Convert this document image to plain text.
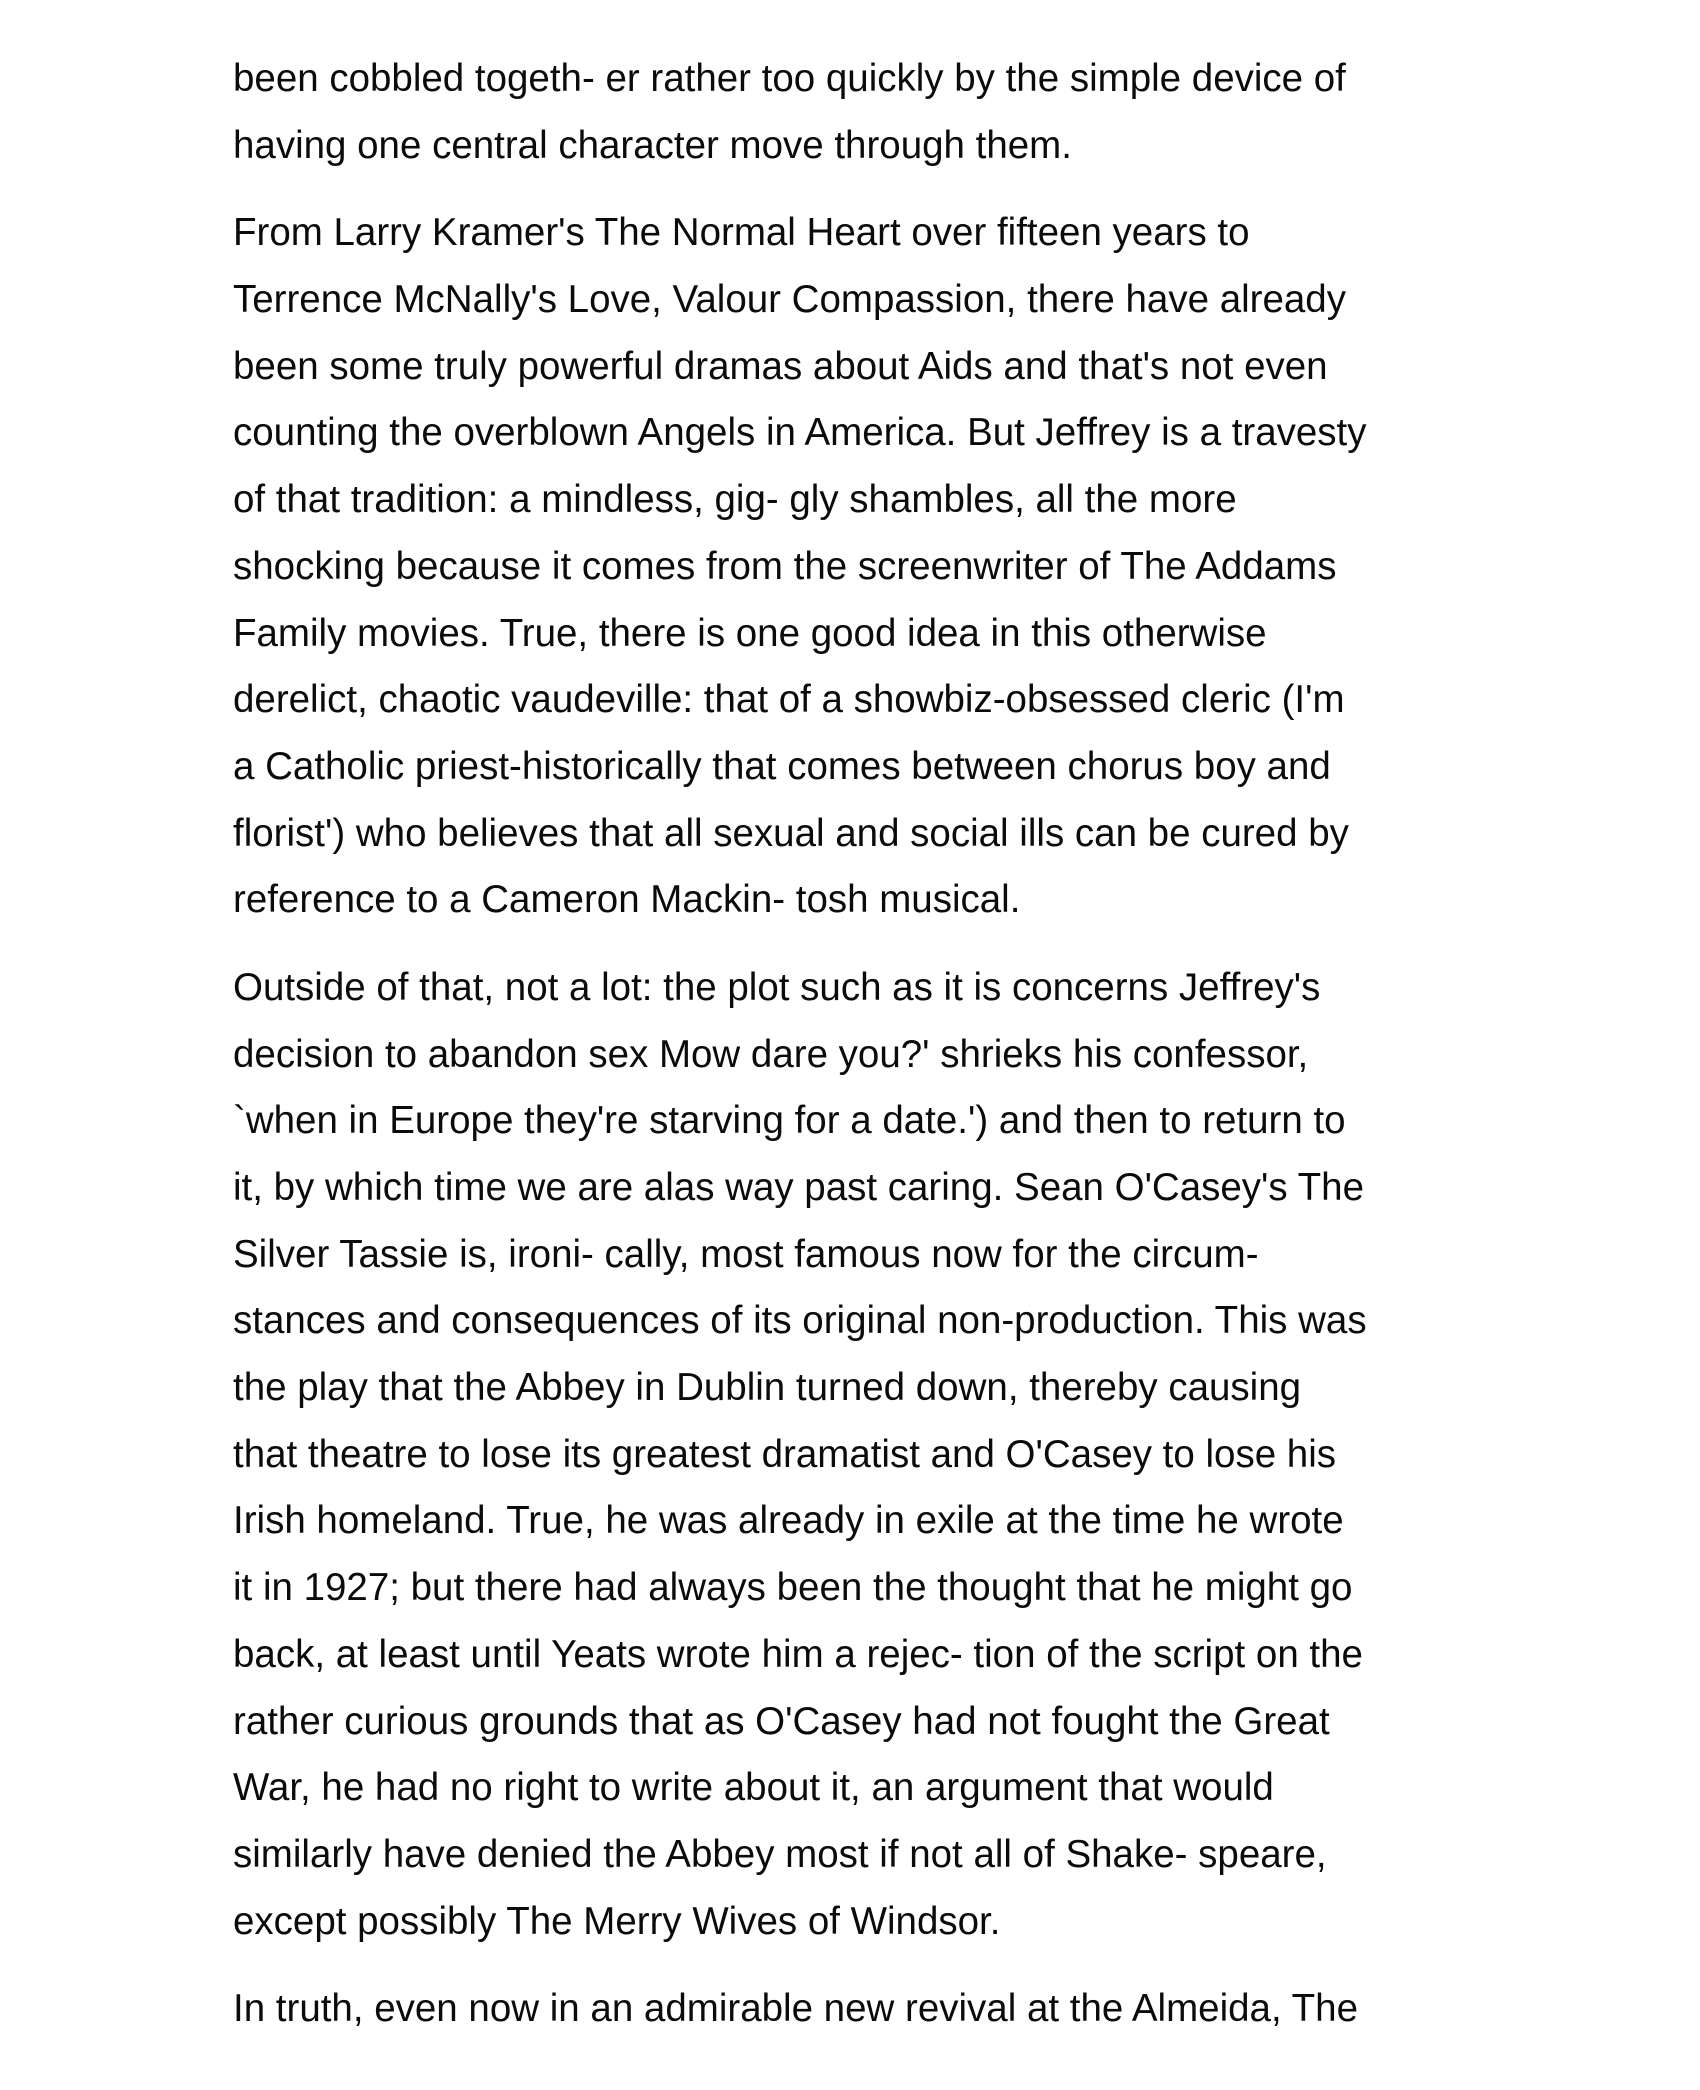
been cobbled togeth- er rather too quickly by the simple device of
having one central character move through them.
From Larry Kramer's The Normal Heart over fifteen years to
Terrence McNally's Love, Valour Compassion, there have already
been some truly powerful dramas about Aids and that's not even
counting the overblown Angels in America. But Jeffrey is a travesty
of that tradition: a mindless, gig- gly shambles, all the more
shocking because it comes from the screenwriter of The Addams
Family movies. True, there is one good idea in this otherwise
derelict, chaotic vaudeville: that of a showbiz-obsessed cleric (I'm
a Catholic priest-historically that comes between chorus boy and
florist') who believes that all sexual and social ills can be cured by
reference to a Cameron Mackin- tosh musical.
Outside of that, not a lot: the plot such as it is concerns Jeffrey's
decision to abandon sex Mow dare you?' shrieks his confessor,
`when in Europe they're starving for a date.') and then to return to
it, by which time we are alas way past caring. Sean O'Casey's The
Silver Tassie is, ironi- cally, most famous now for the circum-
stances and consequences of its original non-production. This was
the play that the Abbey in Dublin turned down, thereby causing
that theatre to lose its greatest dramatist and O'Casey to lose his
Irish homeland. True, he was already in exile at the time he wrote
it in 1927; but there had always been the thought that he might go
back, at least until Yeats wrote him a rejec- tion of the script on the
rather curious grounds that as O'Casey had not fought the Great
War, he had no right to write about it, an argument that would
similarly have denied the Abbey most if not all of Shake- speare,
except possibly The Merry Wives of Windsor.
In truth, even now in an admirable new revival at the Almeida, The
